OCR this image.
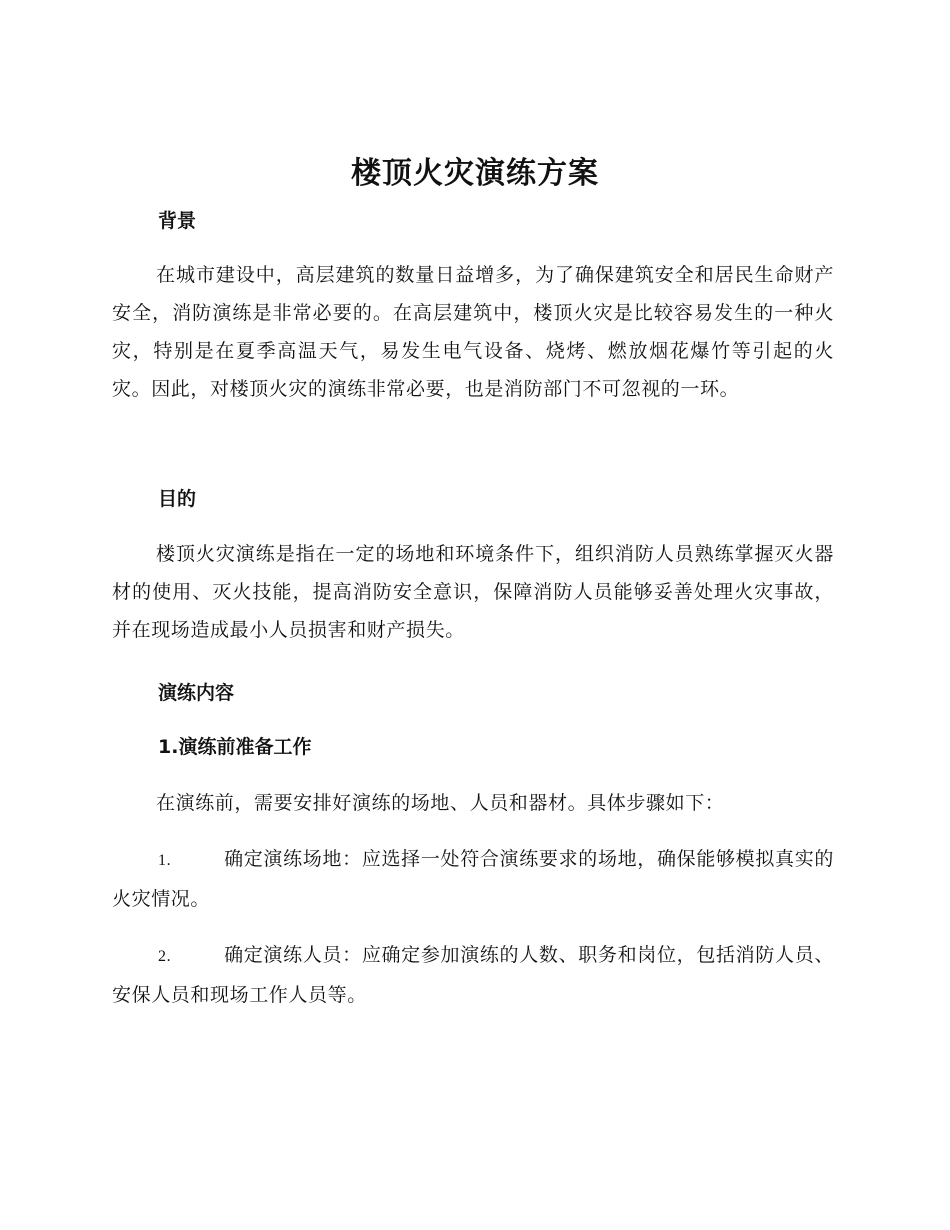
楼顶火灾演练方案
背景

在城市建设中，高层建筑的数量日益增多，为了确保建筑安全和居民生命财产安全，消防演练是非常必要的。在高层建筑中，楼顶火灾是比较容易发生的一种火灾，特别是在夏季高温天气，易发生电气设备、烧烤、燃放烟花爆竹等引起的火灾。因此，对楼顶火灾的演练非常必要，也是消防部门不可忽视的一环。

目的

楼顶火灾演练是指在一定的场地和环境条件下，组织消防人员熟练掌握灭火器材的使用、灭火技能，提高消防安全意识，保障消防人员能够妥善处理火灾事故，并在现场造成最小人员损害和财产损失。

演练内容
1.演练前准备工作

在演练前，需要安排好演练的场地、人员和器材。具体步骤如下：

1.	确定演练场地：应选择一处符合演练要求的场地，确保能够模拟真实的火灾情况。

2.	确定演练人员：应确定参加演练的人数、职务和岗位，包括消防人员、安保人员和现场工作人员等。
